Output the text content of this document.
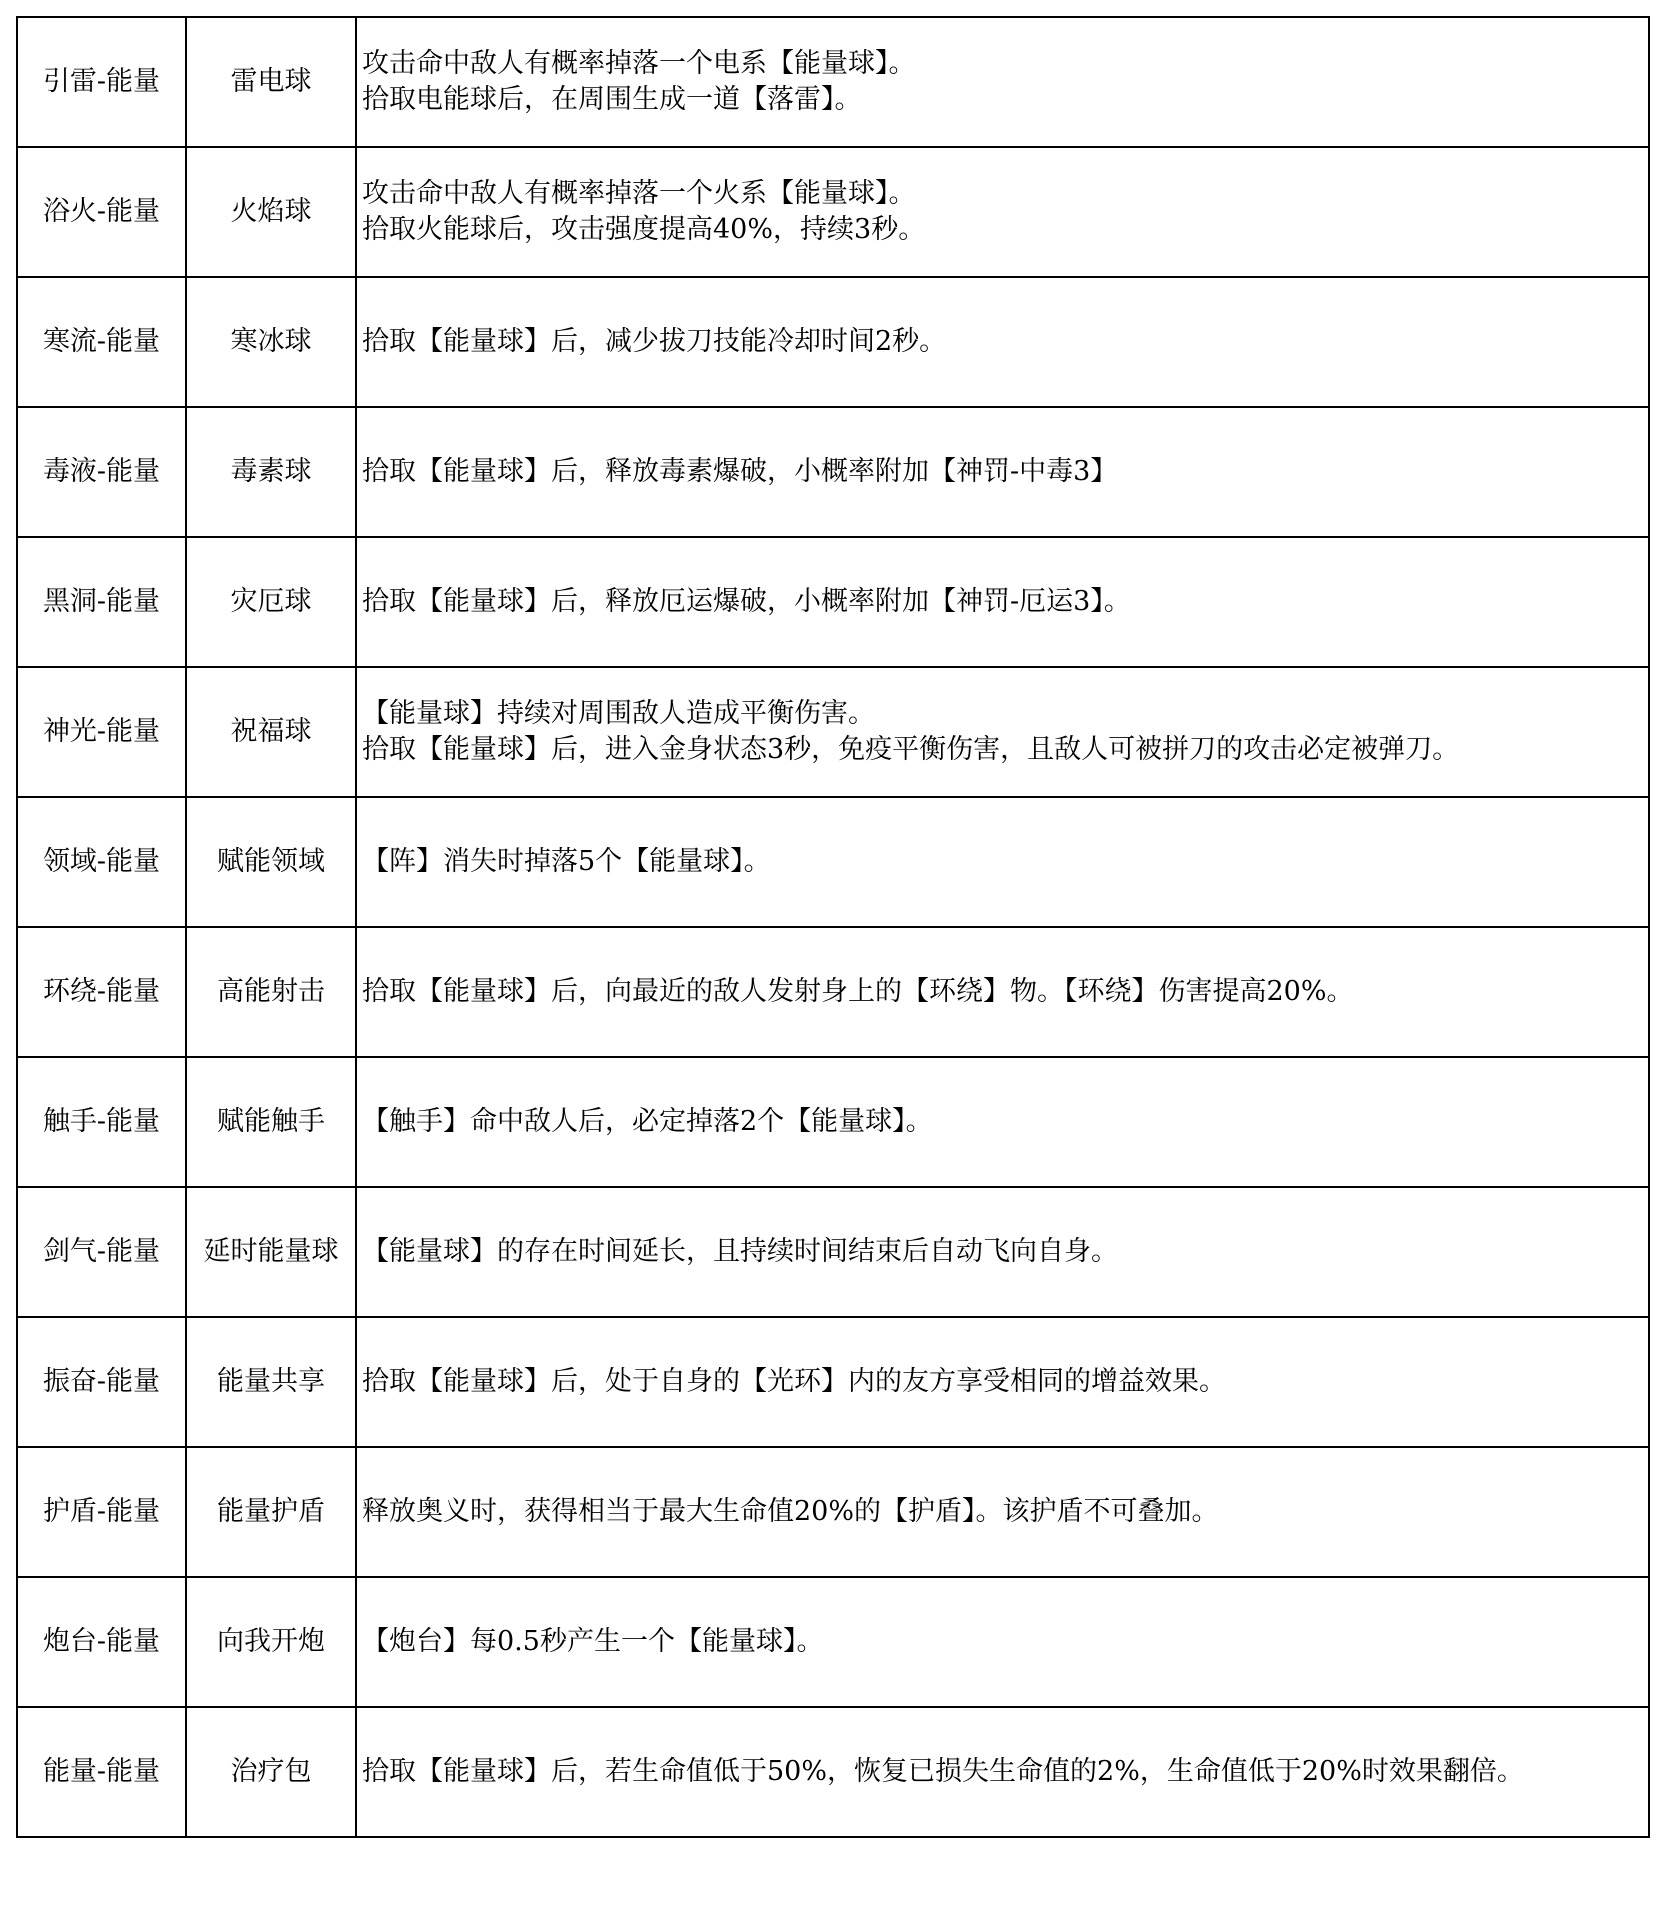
引雷-能量	雷电球	攻击命中敌人有概率掉落一个电系【能量球】。
拾取电能球后，在周围生成一道【落雷】。

浴火-能量	火焰球	攻击命中敌人有概率掉落一个火系【能量球】。
拾取火能球后，攻击强度提高40%，持续3秒。

寒流-能量	寒冰球	拾取【能量球】后，减少拔刀技能冷却时间2秒。

毒液-能量	毒素球	拾取【能量球】后，释放毒素爆破，小概率附加【神罚-中毒3】

黑洞-能量	灾厄球	拾取【能量球】后，释放厄运爆破，小概率附加【神罚-厄运3】。

神光-能量	祝福球	【能量球】持续对周围敌人造成平衡伤害。
拾取【能量球】后，进入金身状态3秒，免疫平衡伤害，且敌人可被拼刀的攻击必定被弹刀。

领域-能量	赋能领域	【阵】消失时掉落5个【能量球】。

环绕-能量	高能射击	拾取【能量球】后，向最近的敌人发射身上的【环绕】物。【环绕】伤害提高20%。

触手-能量	赋能触手	【触手】命中敌人后，必定掉落2个【能量球】。

剑气-能量	延时能量球	【能量球】的存在时间延长，且持续时间结束后自动飞向自身。

振奋-能量	能量共享	拾取【能量球】后，处于自身的【光环】内的友方享受相同的增益效果。

护盾-能量	能量护盾	释放奥义时，获得相当于最大生命值20%的【护盾】。该护盾不可叠加。

炮台-能量	向我开炮	【炮台】每0.5秒产生一个【能量球】。

能量-能量	治疗包	拾取【能量球】后，若生命值低于50%，恢复已损失生命值的2%，生命值低于20%时效果翻倍。
